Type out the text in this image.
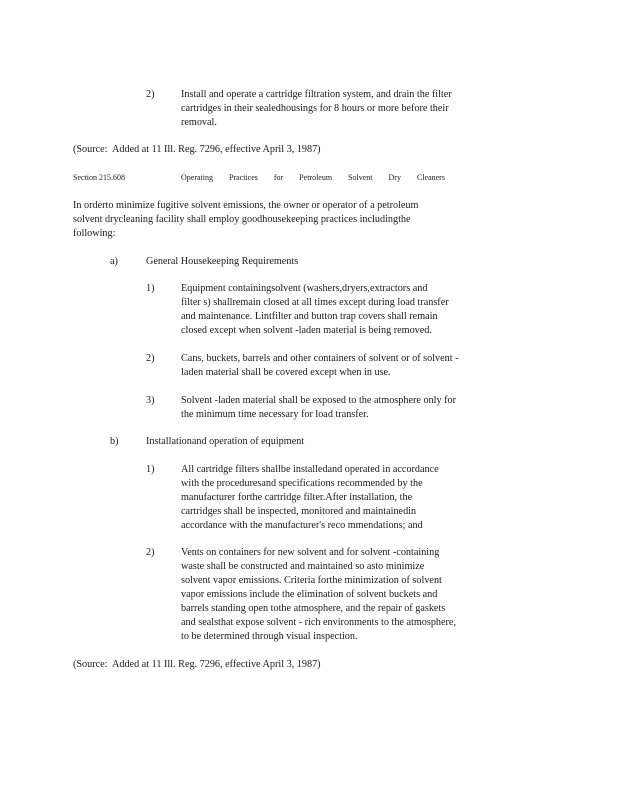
2)	Install and operate a cartridge filtration system, and drain the filter
cartridges in their sealedhousings for 8 hours or more before their
removal.
(Source:  Added at 11 Ill. Reg. 7296, effective April 3, 1987)
Section 215.608	Operating Practices for Petroleum Solvent Dry Cleaners
In orderto minimize fugitive solvent emissions, the owner or operator of a petroleum
solvent drycleaning facility shall employ goodhousekeeping practices includingthe
following:
a)	General Housekeeping Requirements
1)	Equipment containingsolvent (washers,dryers,extractors and
filter s) shallremain closed at all times except during load transfer
and maintenance. Lintfilter and button trap covers shall remain
closed except when solvent -laden material is being removed.
2)	Cans, buckets, barrels and other containers of solvent or of solvent -
laden material shall be covered except when in use.
3)	Solvent -laden material shall be exposed to the atmosphere only for
the minimum time necessary for load transfer.
b)	Installationand operation of equipment
1)	All cartridge filters shallbe installedand operated in accordance
with the proceduresand specifications recommended by the
manufacturer forthe cartridge filter.After installation, the
cartridges shall be inspected, monitored and maintainedin
accordance with the manufacturer's reco mmendations; and
2)	Vents on containers for new solvent and for solvent -containing
waste shall be constructed and maintained so asto minimize
solvent vapor emissions. Criteria forthe minimization of solvent
vapor emissions include the elimination of solvent buckets and
barrels standing open tothe atmosphere, and the repair of gaskets
and sealsthat expose solvent - rich environments to the atmosphere,
to be determined through visual inspection.
(Source:  Added at 11 Ill. Reg. 7296, effective April 3, 1987)
